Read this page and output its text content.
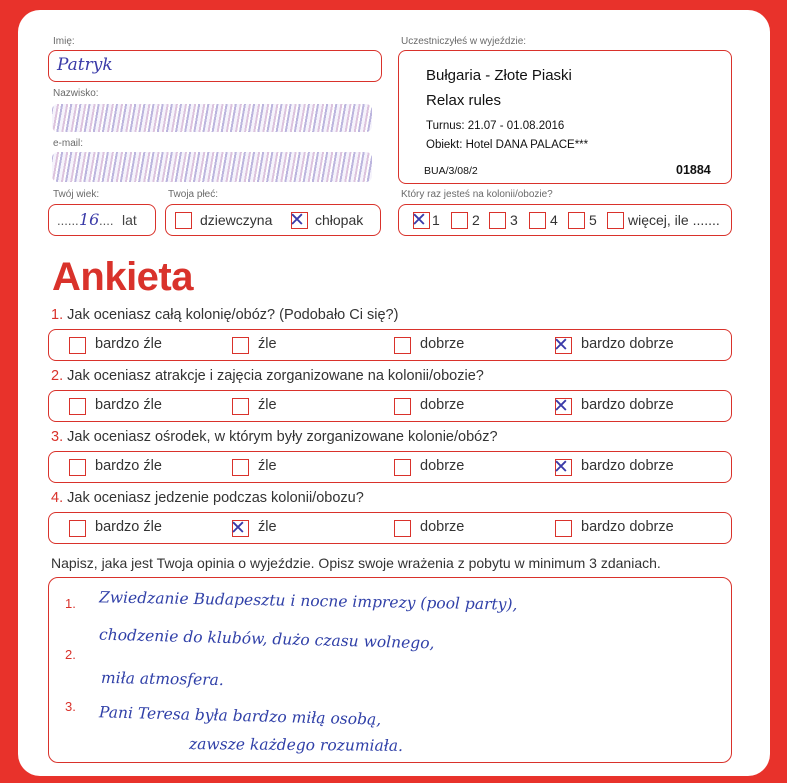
Imię:
Patryk
Nazwisko:
e-mail:
Twój wiek:
...... 16 .... lat
Twoja płeć:
dziewczyna ✕ chłopak
Uczestniczyłeś w wyjeździe:
Bułgaria - Złote Piaski
Relax rules
Turnus: 21.07 - 01.08.2016
Obiekt: Hotel DANA PALACE***
BUA/3/08/2	01884
Który raz jesteś na kolonii/obozie?
✕ 1 2 3 4 5 więcej, ile .......
Ankieta
1. Jak oceniasz całą kolonię/obóz? (Podobało Ci się?)
bardzo źle	źle	dobrze	✕ bardzo dobrze
2. Jak oceniasz atrakcje i zajęcia zorganizowane na kolonii/obozie?
bardzo źle	źle	dobrze	✕ bardzo dobrze
3. Jak oceniasz ośrodek, w którym były zorganizowane kolonie/obóz?
bardzo źle	źle	dobrze	✕ bardzo dobrze
4. Jak oceniasz jedzenie podczas kolonii/obozu?
bardzo źle	✕ źle	dobrze	bardzo dobrze
Napisz, jaka jest Twoja opinia o wyjeździe. Opisz swoje wrażenia z pobytu w minimum 3 zdaniach.
1.
2.
3.
Zwiedzanie Budapesztu i nocne imprezy (pool party),
chodzenie do klubów, dużo czasu wolnego,
miła atmosfera.
Pani Teresa była bardzo miłą osobą,
zawsze każdego rozumiała.
